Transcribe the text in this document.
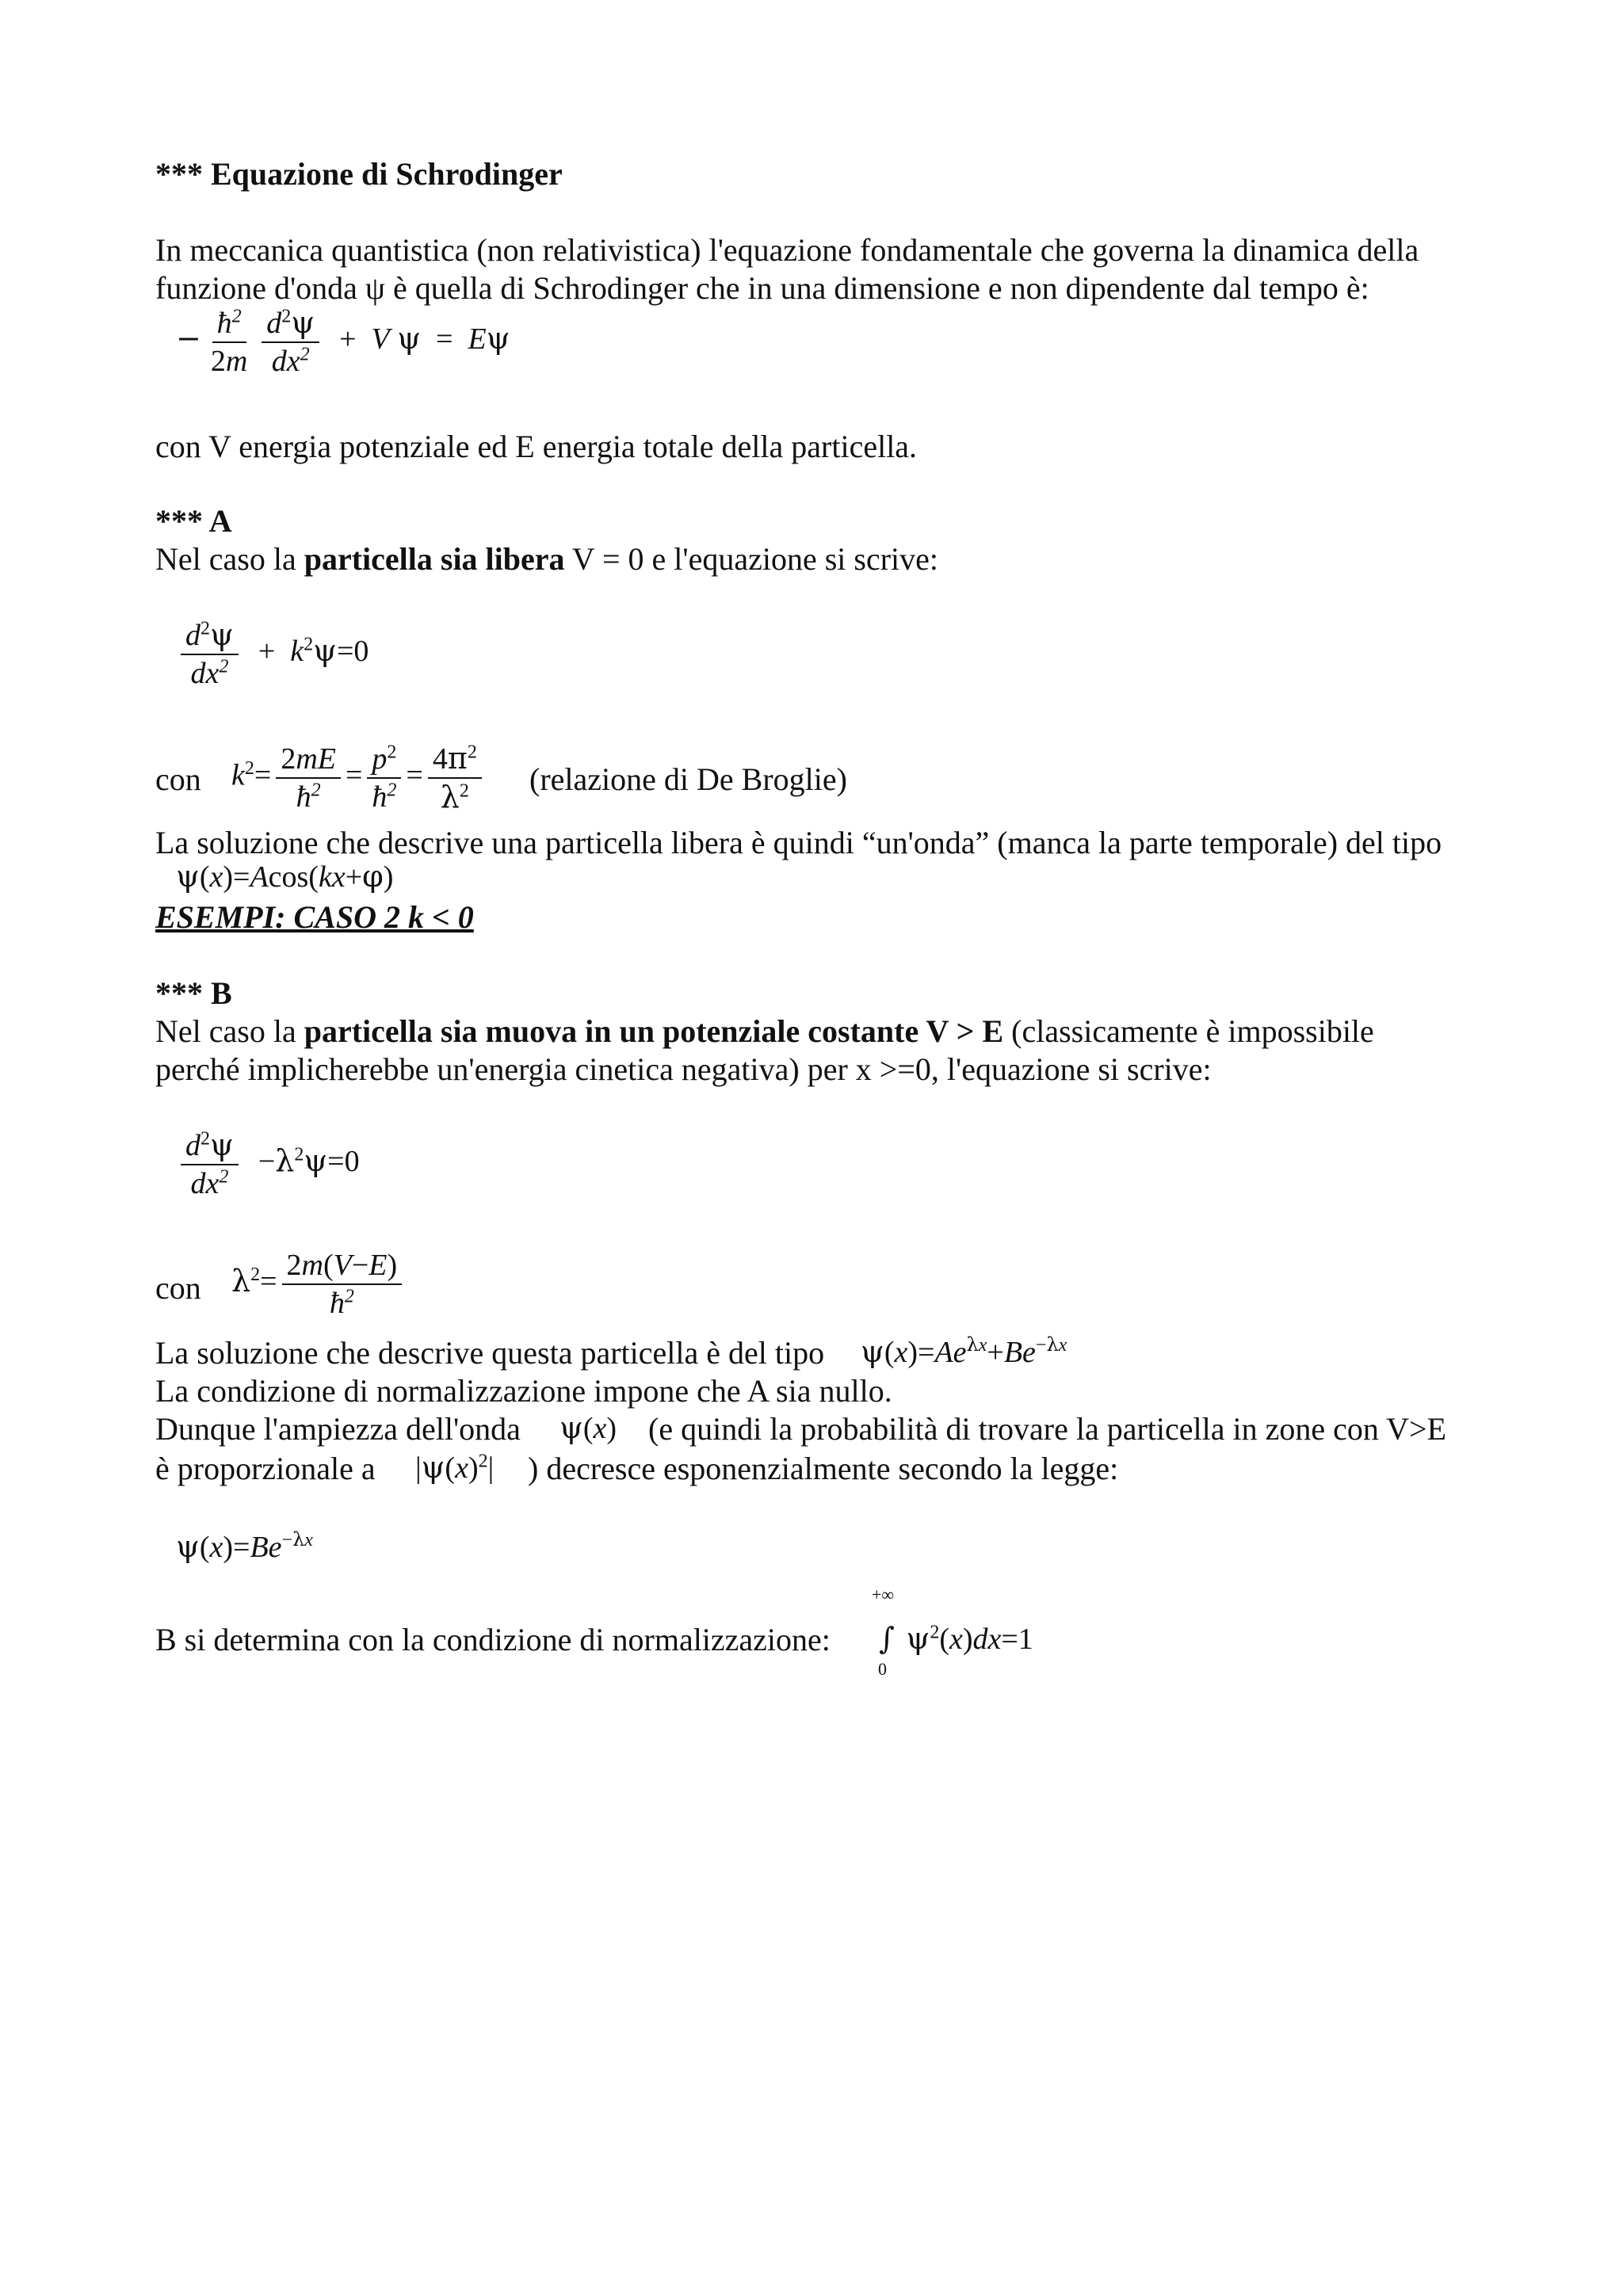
*** Equazione di Schrodinger
In meccanica quantistica (non relativistica) l'equazione fondamentale che governa la dinamica della
funzione d'onda ψ è quella di Schrodinger che in una dimensione e non dipendente dal tempo è:
− $\frac{ħ^2}{2m} \frac{d^2\psi}{dx^2} + V$ ψ  =  Eψ
con V energia potenziale ed E energia totale della particella.
*** A
Nel caso la particella sia libera V = 0 e l'equazione si scrive:
$\frac{d^2\psi}{dx^2} + k^2\psi=0$
con $k^2= \frac{2mE}{ħ^2} = \frac{p^2}{ħ^2} = \frac{4\pi^2}{\lambda^2}$ (relazione di De Broglie)
La soluzione che descrive una particella libera è quindi “un'onda” (manca la parte temporale) del tipo
ψ(x)=Acos(kx+φ)
ESEMPI: CASO 2 k < 0
*** B
Nel caso la particella sia muova in un potenziale costante V > E (classicamente è impossibile
perché implicherebbe un'energia cinetica negativa) per x >=0, l'equazione si scrive:
$\frac{d^2\psi}{dx^2} -\lambda^2\psi=0$
con $\lambda^2= \frac{2m(V-E)}{ħ^2}$
La soluzione che descrive questa particella è del tipo $\psi(x)=Ae^{\lambda x}+Be^{-\lambda x}$
La condizione di normalizzazione impone che A sia nullo.
Dunque l'ampiezza dell'onda ψ(x) (e quindi la probabilità di trovare la particella in zone con V>E
è proporzionale a $|\psi(x)^2|$ ) decresce esponenzialmente secondo la legge:
$\psi(x)=Be^{-\lambda x}$
B si determina con la condizione di normalizzazione:
+∞
∫
0
$\psi^2(x)dx=1$
